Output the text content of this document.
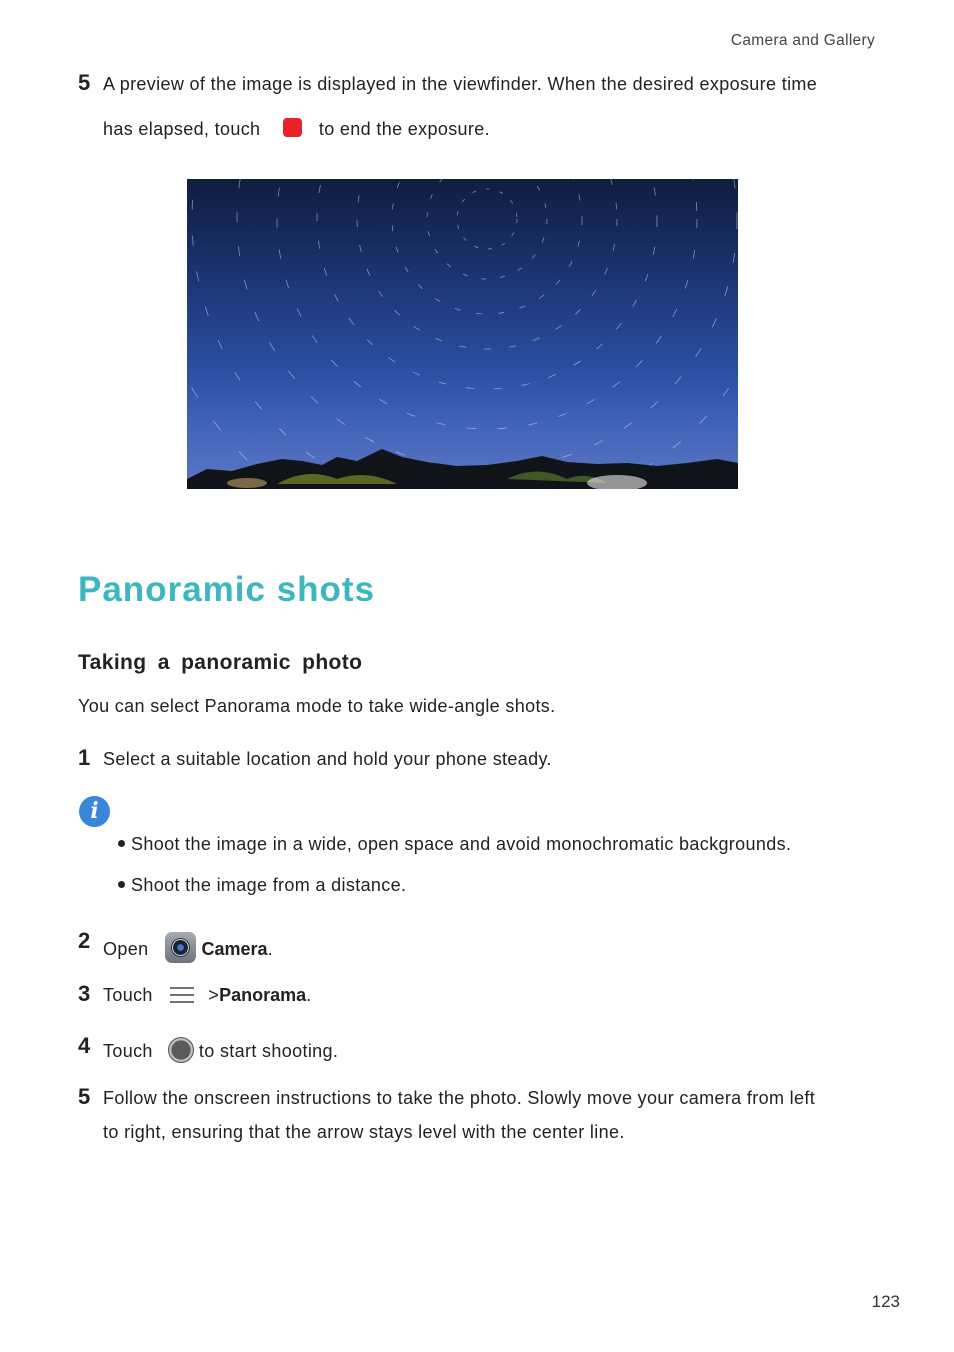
Camera and Gallery
5 A preview of the image is displayed in the viewfinder. When the desired exposure time
has elapsed, touch	to end the exposure.
Panoramic shots
Taking a panoramic photo
You can select Panorama mode to take wide-angle shots.
1 Select a suitable location and hold your phone steady.
i
Shoot the image in a wide, open space and avoid monochromatic backgrounds.
Shoot the image from a distance.
2 Open	Camera.
3 Touch	>Panorama.
4 Touch	to start shooting.
5 Follow the onscreen instructions to take the photo. Slowly move your camera from left
to right, ensuring that the arrow stays level with the center line.
123
